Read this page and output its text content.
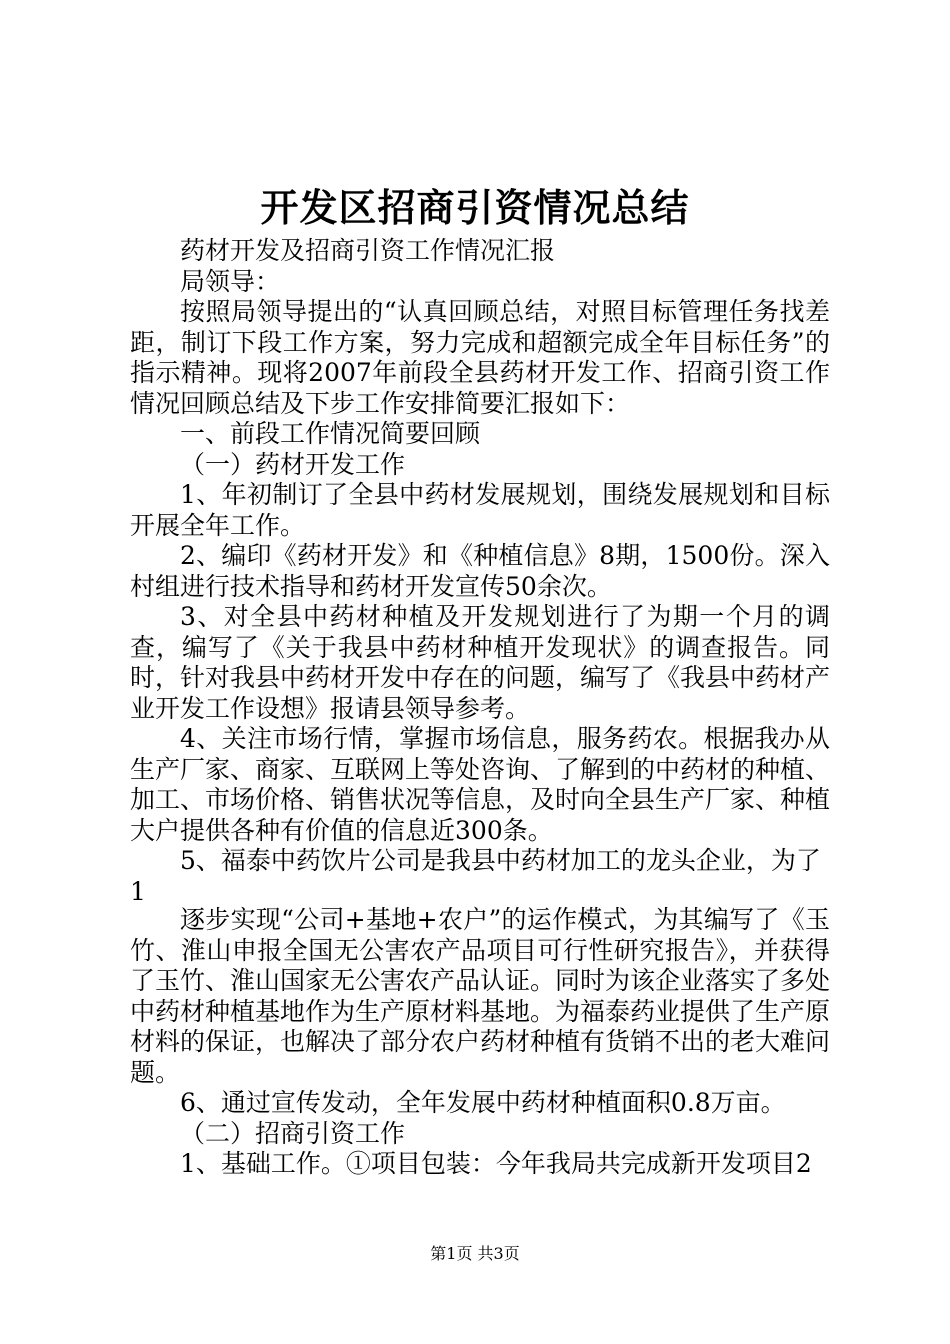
开发区招商引资情况总结

药材开发及招商引资工作情况汇报

局领导：

按照局领导提出的“认真回顾总结，对照目标管理任务找差距，制订下段工作方案，努力完成和超额完成全年目标任务”的指示精神。现将2007年前段全县药材开发工作、招商引资工作情况回顾总结及下步工作安排简要汇报如下：

一、前段工作情况简要回顾

（一）药材开发工作

1、年初制订了全县中药材发展规划，围绕发展规划和目标开展全年工作。

2、编印《药材开发》和《种植信息》8期，1500份。深入村组进行技术指导和药材开发宣传50余次。

3、对全县中药材种植及开发规划进行了为期一个月的调查，编写了《关于我县中药材种植开发现状》的调查报告。同时，针对我县中药材开发中存在的问题，编写了《我县中药材产业开发工作设想》报请县领导参考。

4、关注市场行情，掌握市场信息，服务药农。根据我办从生产厂家、商家、互联网上等处咨询、了解到的中药材的种植、加工、市场价格、销售状况等信息，及时向全县生产厂家、种植大户提供各种有价值的信息近300条。

5、福泰中药饮片公司是我县中药材加工的龙头企业，为了

1

逐步实现“公司+基地+农户”的运作模式，为其编写了《玉竹、淮山申报全国无公害农产品项目可行性研究报告》，并获得了玉竹、淮山国家无公害农产品认证。同时为该企业落实了多处中药材种植基地作为生产原材料基地。为福泰药业提供了生产原材料的保证，也解决了部分农户药材种植有货销不出的老大难问题。

6、通过宣传发动，全年发展中药材种植面积0.8万亩。

（二）招商引资工作

1、基础工作。①项目包装：今年我局共完成新开发项目2

第1页 共3页
